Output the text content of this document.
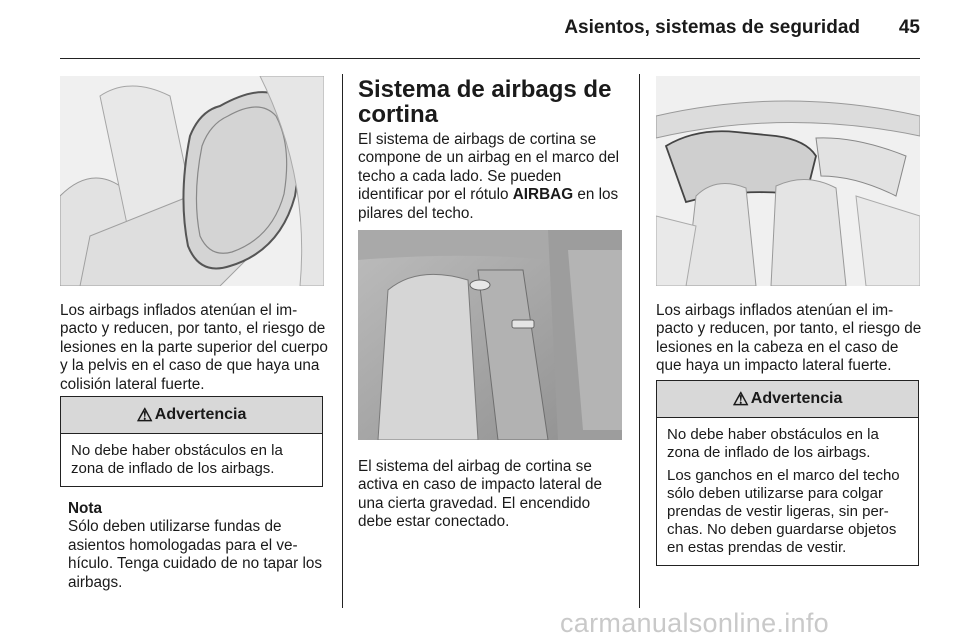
Asientos, sistemas de seguridad	45

Los airbags inflados atenúan el im-pacto y reducen, por tanto, el riesgo de lesiones en la parte superior del cuerpo y la pelvis en el caso de que haya una colisión lateral fuerte.

⚠ Advertencia

No debe haber obstáculos en la zona de inflado de los airbags.

Nota
Sólo deben utilizarse fundas de asientos homologadas para el ve-hículo. Tenga cuidado de no tapar los airbags.
Sistema de airbags de cortina

El sistema de airbags de cortina se compone de un airbag en el marco del techo a cada lado. Se pueden identificar por el rótulo AIRBAG en los pilares del techo.

El sistema del airbag de cortina se activa en caso de impacto lateral de una cierta gravedad. El encendido debe estar conectado.

Los airbags inflados atenúan el im-pacto y reducen, por tanto, el riesgo de lesiones en la cabeza en el caso de que haya un impacto lateral fuerte.

⚠ Advertencia

No debe haber obstáculos en la zona de inflado de los airbags.

Los ganchos en el marco del techo sólo deben utilizarse para colgar prendas de vestir ligeras, sin per-chas. No deben guardarse objetos en estas prendas de vestir.

carmanualsonline.info
